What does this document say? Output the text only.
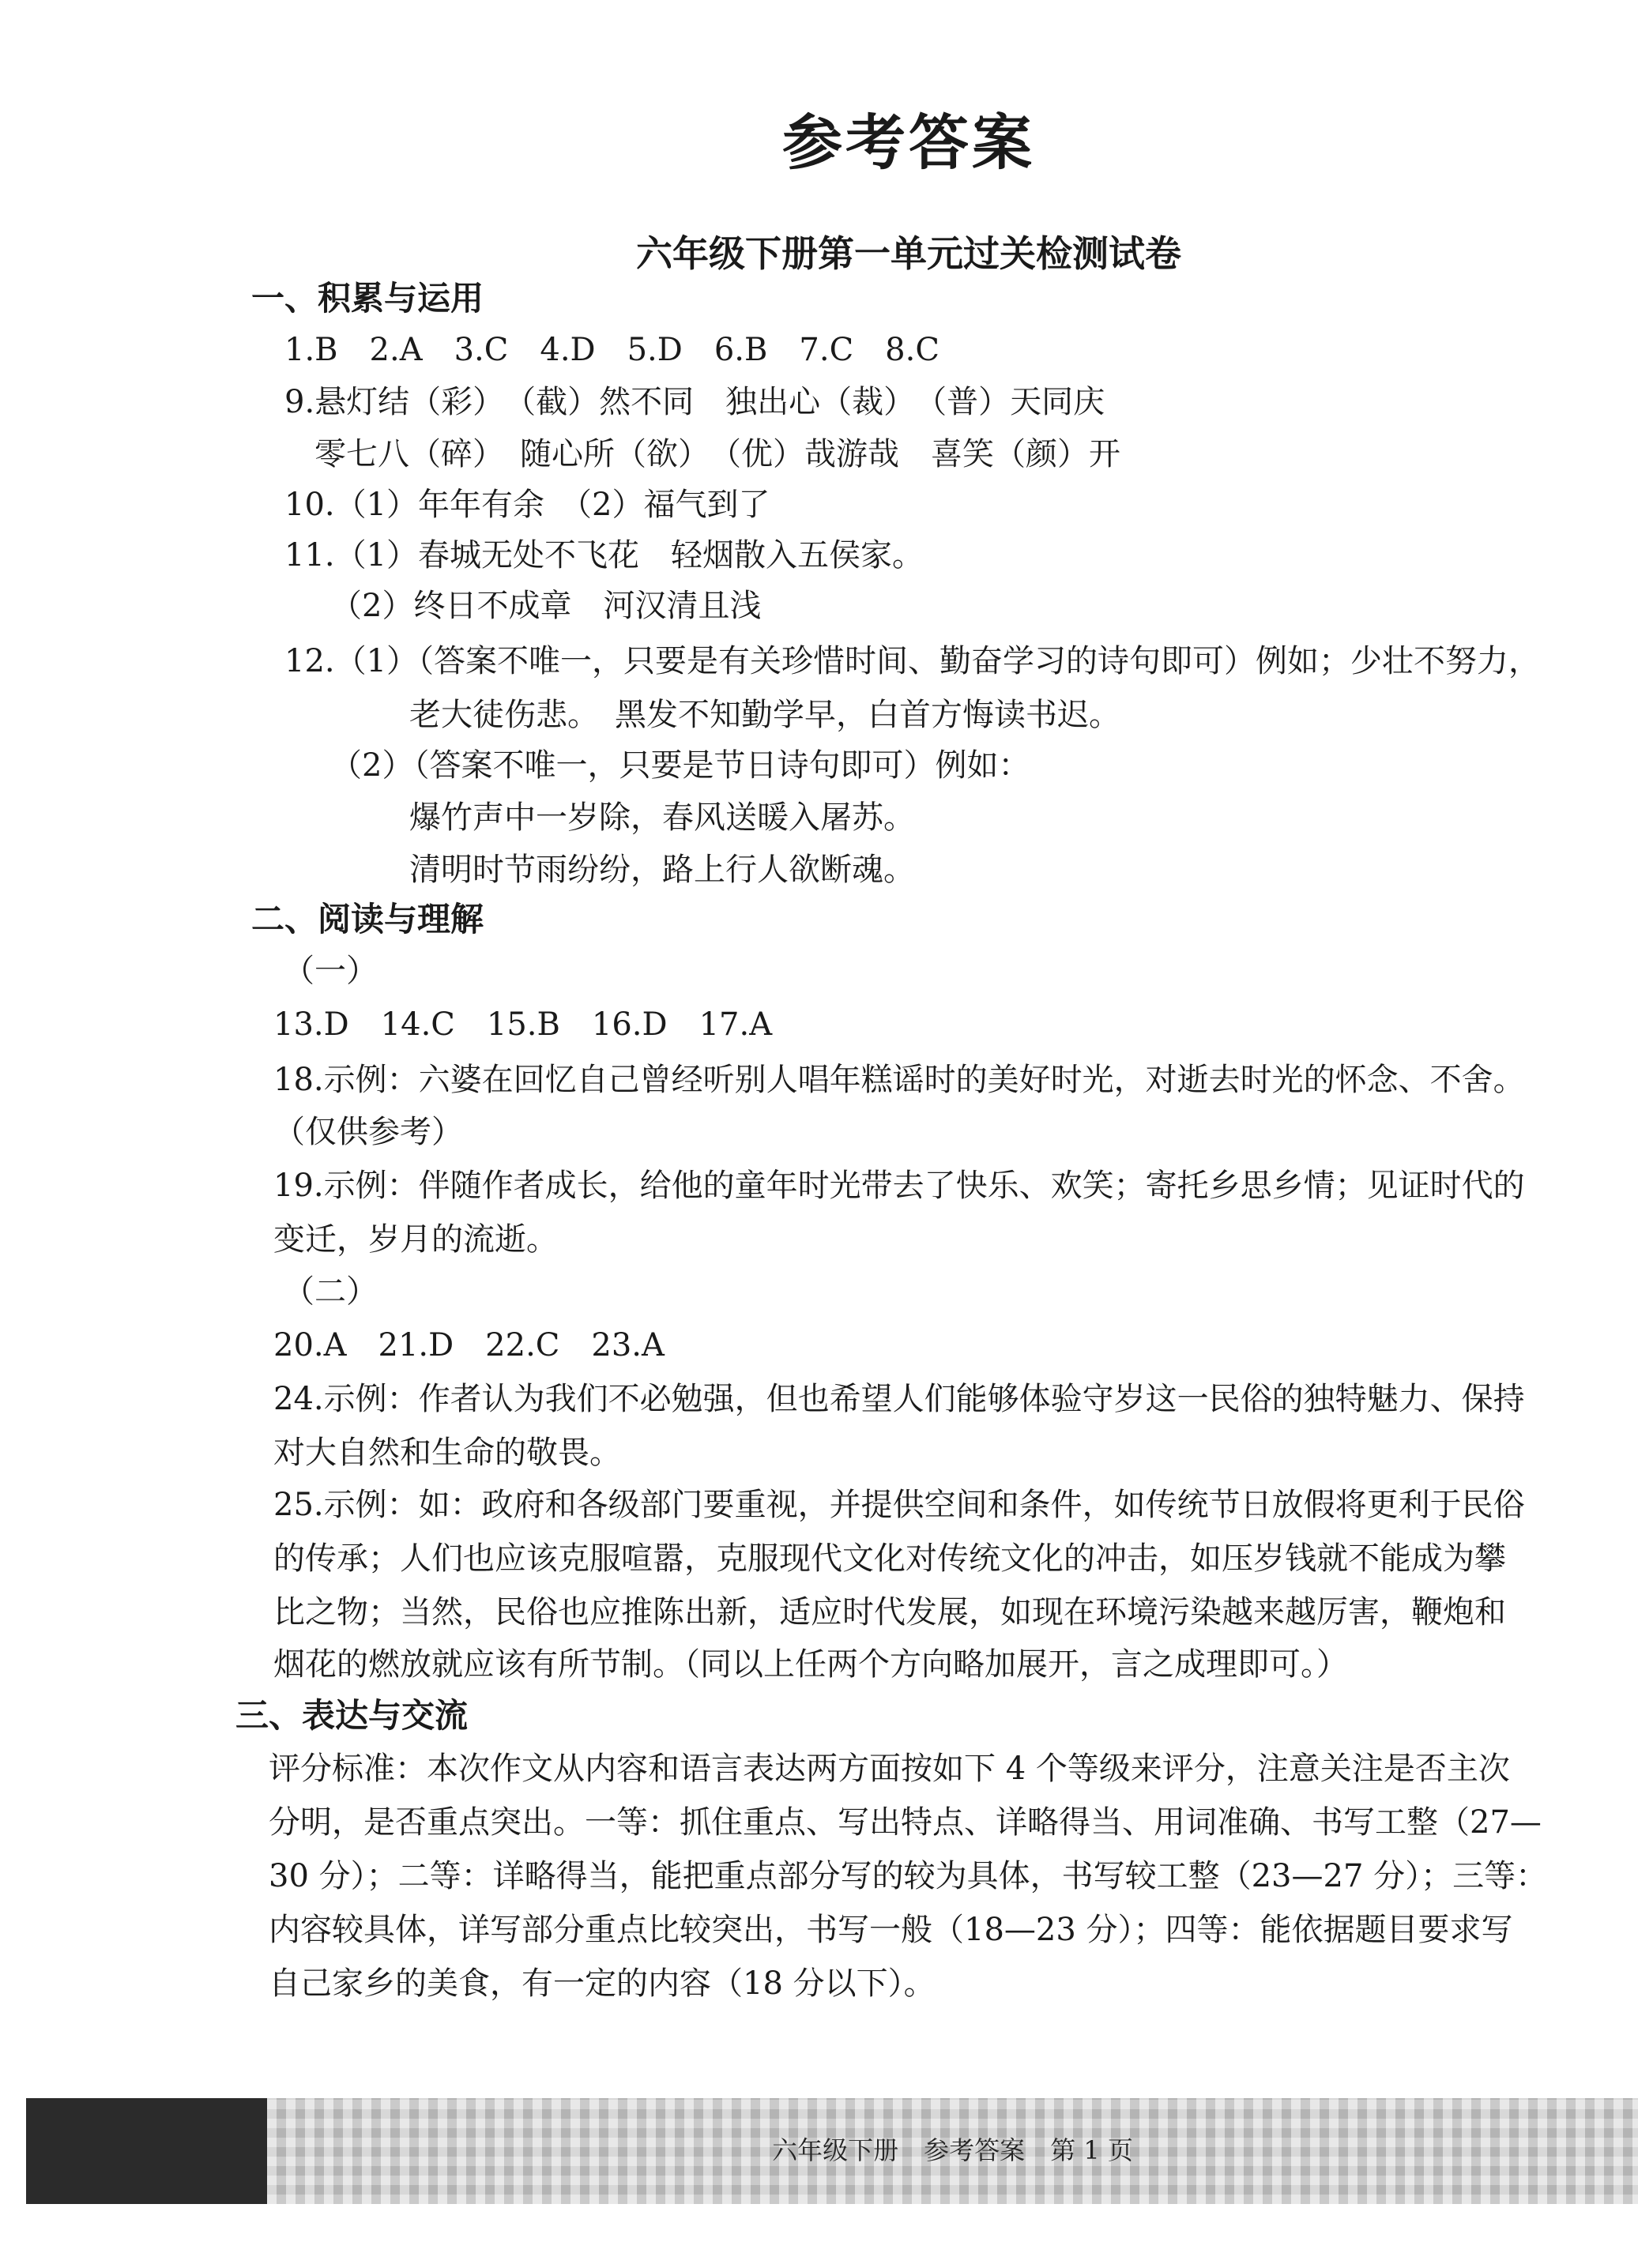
参考答案
六年级下册第一单元过关检测试卷
一、积累与运用
1.B　2.A　3.C　4.D　5.D　6.B　7.C　8.C
9.悬灯结（彩）　（截）然不同　独出心（裁）　（普）天同庆
零七八（碎）　随心所（欲）　（优）哉游哉　喜笑（颜）开
10.（1）年年有余　（2）福气到了
11.（1）春城无处不飞花　轻烟散入五侯家。
（2）终日不成章　河汉清且浅
12.（1）（答案不唯一，只要是有关珍惜时间、勤奋学习的诗句即可）例如；少壮不努力，
老大徒伤悲。　黑发不知勤学早，白首方悔读书迟。
（2）（答案不唯一，只要是节日诗句即可）例如：
爆竹声中一岁除，春风送暖入屠苏。
清明时节雨纷纷，路上行人欲断魂。
二、阅读与理解
（一）
13.D　14.C　15.B　16.D　17.A
18.示例：六婆在回忆自己曾经听别人唱年糕谣时的美好时光，对逝去时光的怀念、不舍。
（仅供参考）
19.示例：伴随作者成长，给他的童年时光带去了快乐、欢笑；寄托乡思乡情；见证时代的
变迁，岁月的流逝。
（二）
20.A　21.D　22.C　23.A
24.示例：作者认为我们不必勉强，但也希望人们能够体验守岁这一民俗的独特魅力、保持
对大自然和生命的敬畏。
25.示例：如：政府和各级部门要重视，并提供空间和条件，如传统节日放假将更利于民俗
的传承；人们也应该克服喧嚣，克服现代文化对传统文化的冲击，如压岁钱就不能成为攀
比之物；当然，民俗也应推陈出新，适应时代发展，如现在环境污染越来越厉害，鞭炮和
烟花的燃放就应该有所节制。（同以上任两个方向略加展开，言之成理即可。）
三、表达与交流
评分标准：本次作文从内容和语言表达两方面按如下 4 个等级来评分，注意关注是否主次
分明，是否重点突出。一等：抓住重点、写出特点、详略得当、用词准确、书写工整（27—
30 分）；二等：详略得当，能把重点部分写的较为具体，书写较工整（23—27 分）；三等：
内容较具体，详写部分重点比较突出，书写一般（18—23 分）；四等：能依据题目要求写
自己家乡的美食，有一定的内容（18 分以下）。
六年级下册　参考答案　第 1 页
